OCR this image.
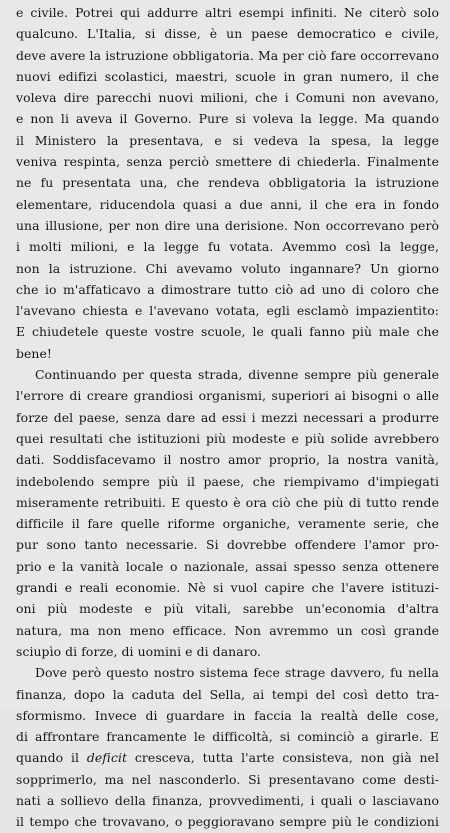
e civile. Potrei qui addurre altri esempi infiniti. Ne citerò solo
qualcuno. L'Italia, si disse, è un paese democratico e civile,
deve avere la istruzione obbligatoria. Ma per ciò fare occorrevano
nuovi edifizi scolastici, maestri, scuole in gran numero, il che
voleva dire parecchi nuovi milioni, che i Comuni non avevano,
e non li aveva il Governo. Pure si voleva la legge. Ma quando
il Ministero la presentava, e si vedeva la spesa, la legge
veniva respinta, senza perciò smettere di chiederla. Finalmente
ne fu presentata una, che rendeva obbligatoria la istruzione
elementare, riducendola quasi a due anni, il che era in fondo
una illusione, per non dire una derisione. Non occorrevano però
i molti milioni, e la legge fu votata. Avemmo così la legge,
non la istruzione. Chi avevamo voluto ingannare? Un giorno
che io m'affaticavo a dimostrare tutto ciò ad uno di coloro che
l'avevano chiesta e l'avevano votata, egli esclamò impazientito:
E chiudetele queste vostre scuole, le quali fanno più male che
bene!
Continuando per questa strada, divenne sempre più generale
l'errore di creare grandiosi organismi, superiori ai bisogni o alle
forze del paese, senza dare ad essi i mezzi necessari a produrre
quei resultati che istituzioni più modeste e più solide avrebbero
dati. Soddisfacevamo il nostro amor proprio, la nostra vanità,
indebolendo sempre più il paese, che riempivamo d'impiegati
miseramente retribuiti. E questo è ora ciò che più di tutto rende
difficile il fare quelle riforme organiche, veramente serie, che
pur sono tanto necessarie. Si dovrebbe offendere l'amor pro-
prio e la vanità locale o nazionale, assai spesso senza ottenere
grandi e reali economie. Nè si vuol capire che l'avere istituzi-
oni più modeste e più vitali, sarebbe un'economia d'altra
natura, ma non meno efficace. Non avremmo un così grande
sciupìo di forze, di uomini e di danaro.
Dove però questo nostro sistema fece strage davvero, fu nella
finanza, dopo la caduta del Sella, ai tempi del così detto tra-
sformismo. Invece di guardare in faccia la realtà delle cose,
di affrontare francamente le difficoltà, si cominciò a girarle. E
quando il deficit cresceva, tutta l'arte consisteva, non già nel
sopprimerlo, ma nel nasconderlo. Si presentavano come desti-
nati a sollievo della finanza, provvedimenti, i quali o lasciavano
il tempo che trovavano, o peggioravano sempre più le condizioni
